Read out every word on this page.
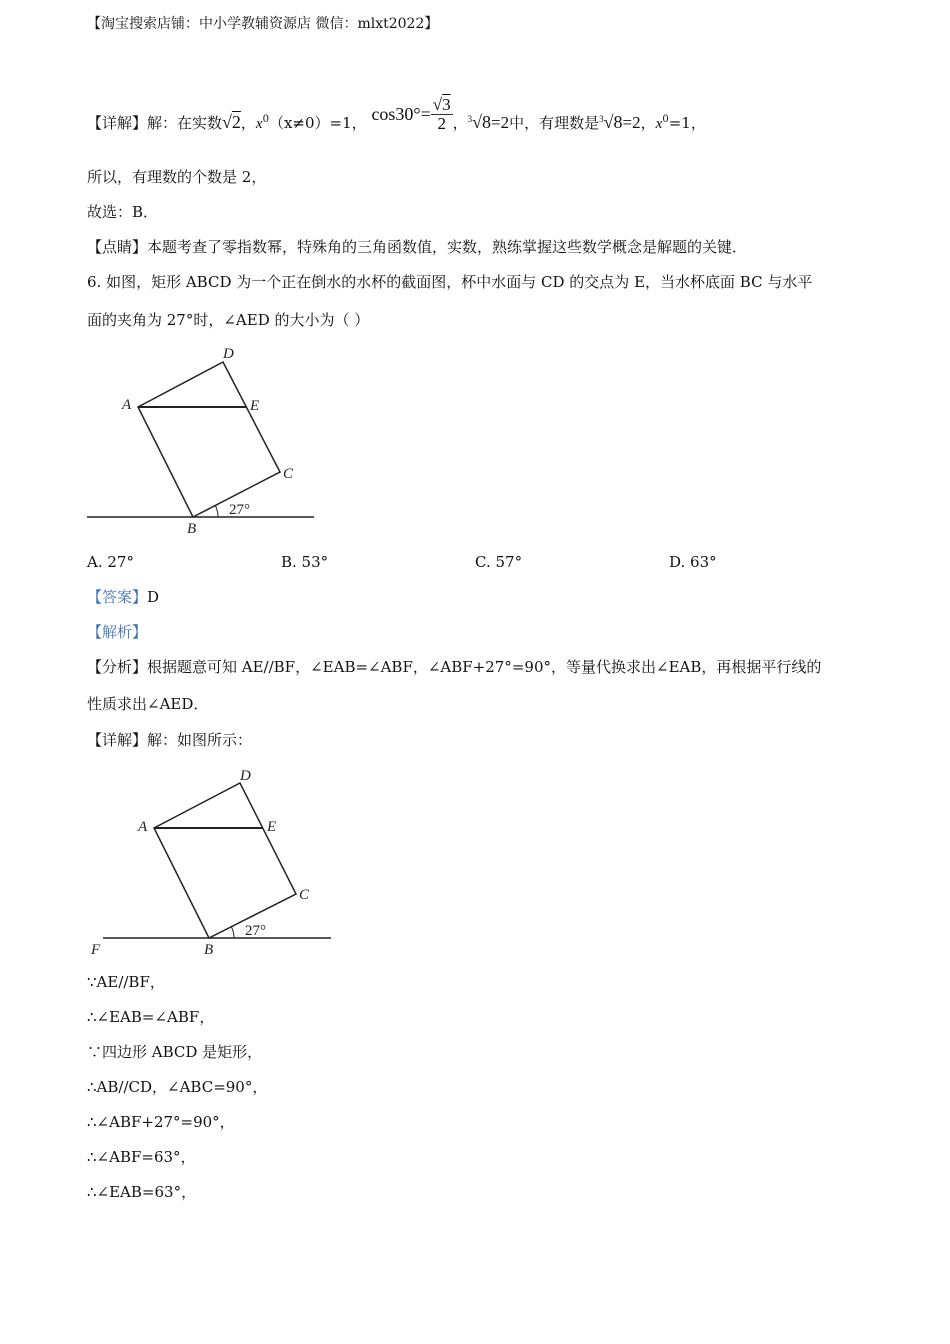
【淘宝搜索店铺：中小学教辅资源店 微信：mlxt2022】
【详解】解：在实数√2，$x^0(x\ne 0)=1$， $\cos 30^\circ= \frac{√3}{2}$ ，$^3$√8=2中，有理数是$^3$√8=2，$x^0=1$，
所以，有理数的个数是 2，
故选：B．
【点睛】本题考查了零指数幂，特殊角的三角函数值，实数，熟练掌握这些数学概念是解题的关键．
6. 如图，矩形 ABCD 为一个正在倒水的水杯的截面图，杯中水面与 CD 的交点为 E，当水杯底面 BC 与水平
面的夹角为 27°时，∠AED 的大小为（ ）
D
A	E
C
B
27°
A. 27°	B. 53°	C. 57°	D. 63°
【答案】D
【解析】
【分析】根据题意可知 AE//BF，∠EAB=∠ABF，∠ABF+27°=90°，等量代换求出∠EAB，再根据平行线的
性质求出∠AED．
【详解】解：如图所示：
D
A	E
C
B
F
27°
∵AE//BF，
∴∠EAB=∠ABF，
∵四边形 ABCD 是矩形，
∴AB//CD，∠ABC=90°，
∴∠ABF+27°=90°，
∴∠ABF=63°，
∴∠EAB=63°，
